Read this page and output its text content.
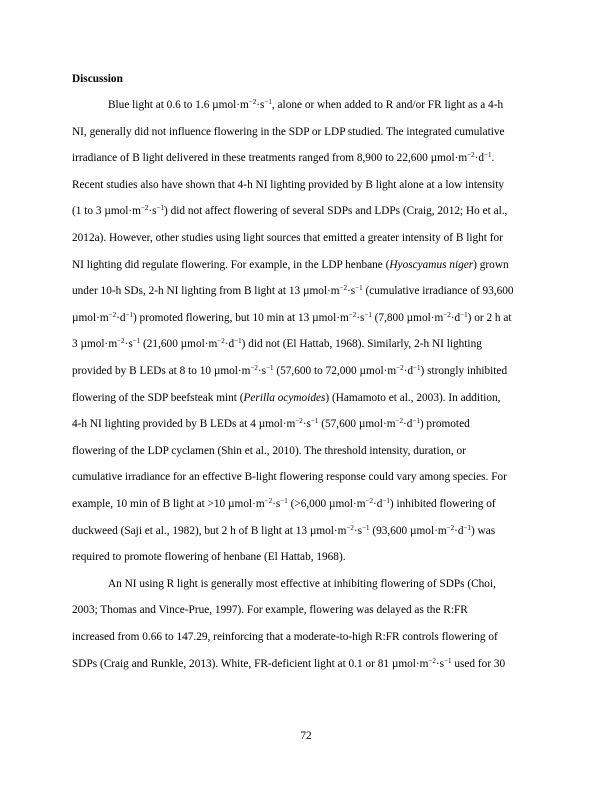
Discussion
Blue light at 0.6 to 1.6 $\mu mol\cdot m^{-2}\cdot s^{-1}$, alone or when added to R and/or FR light as a 4-h
NI, generally did not influence flowering in the SDP or LDP studied. The integrated cumulative
irradiance of B light delivered in these treatments ranged from 8,900 to 22,600 $\mu mol\cdot m^{-2}\cdot d^{-1}$.
Recent studies also have shown that 4-h NI lighting provided by B light alone at a low intensity
(1 to 3 $\mu mol\cdot m^{-2}\cdot s^{-1}$) did not affect flowering of several SDPs and LDPs (Craig, 2012; Ho et al.,
2012a). However, other studies using light sources that emitted a greater intensity of B light for
NI lighting did regulate flowering. For example, in the LDP henbane (Hyoscyamus niger) grown
under 10-h SDs, 2-h NI lighting from B light at 13 $\mu mol\cdot m^{-2}\cdot s^{-1}$ (cumulative irradiance of 93,600
$\mu mol\cdot m^{-2}\cdot d^{-1}$) promoted flowering, but 10 min at 13 $\mu mol\cdot m^{-2}\cdot s^{-1}$ (7,800 $\mu mol\cdot m^{-2}\cdot d^{-1}$) or 2 h at
3 $\mu mol\cdot m^{-2}\cdot s^{-1}$ (21,600 $\mu mol\cdot m^{-2}\cdot d^{-1}$) did not (El Hattab, 1968). Similarly, 2-h NI lighting
provided by B LEDs at 8 to 10 $\mu mol\cdot m^{-2}\cdot s^{-1}$ (57,600 to 72,000 $\mu mol\cdot m^{-2}\cdot d^{-1}$) strongly inhibited
flowering of the SDP beefsteak mint (Perilla ocymoides) (Hamamoto et al., 2003). In addition,
4-h NI lighting provided by B LEDs at 4 $\mu mol\cdot m^{-2}\cdot s^{-1}$ (57,600 $\mu mol\cdot m^{-2}\cdot d^{-1}$) promoted
flowering of the LDP cyclamen (Shin et al., 2010). The threshold intensity, duration, or
cumulative irradiance for an effective B-light flowering response could vary among species. For
example, 10 min of B light at >10 $\mu mol\cdot m^{-2}\cdot s^{-1}$ (>6,000 $\mu mol\cdot m^{-2}\cdot d^{-1}$) inhibited flowering of
duckweed (Saji et al., 1982), but 2 h of B light at 13 $\mu mol\cdot m^{-2}\cdot s^{-1}$ (93,600 $\mu mol\cdot m^{-2}\cdot d^{-1}$) was
required to promote flowering of henbane (El Hattab, 1968).
An NI using R light is generally most effective at inhibiting flowering of SDPs (Choi,
2003; Thomas and Vince-Prue, 1997). For example, flowering was delayed as the R:FR
increased from 0.66 to 147.29, reinforcing that a moderate-to-high R:FR controls flowering of
SDPs (Craig and Runkle, 2013). White, FR-deficient light at 0.1 or 81 $\mu mol\cdot m^{-2}\cdot s^{-1}$ used for 30
72
